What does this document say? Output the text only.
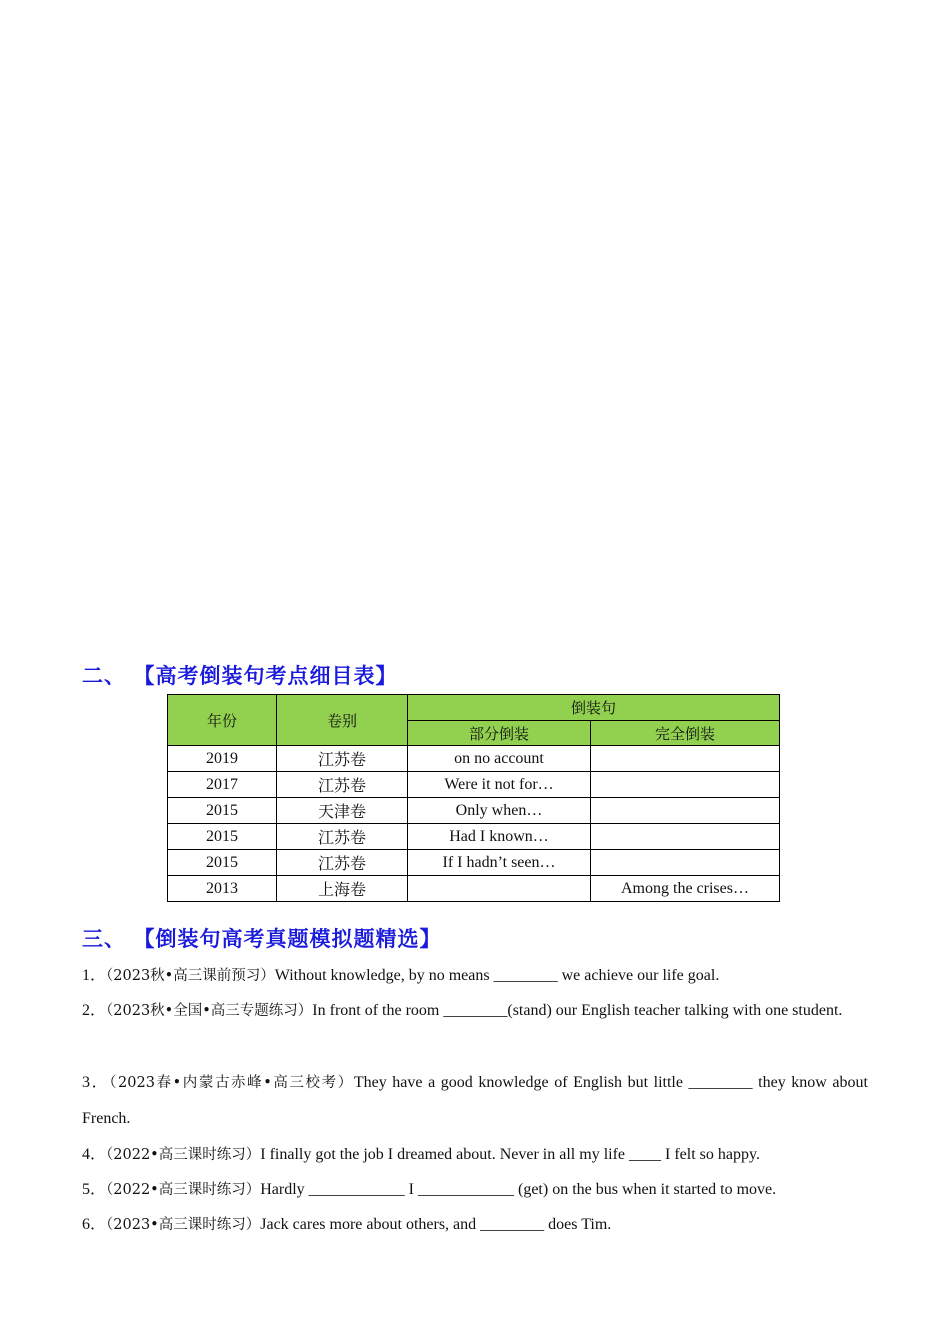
二、 【高考倒装句考点细目表】
年份	卷别	倒装句	
		部分倒装	完全倒装
2019	江苏卷	on no account	
2017	江苏卷	Were it not for…	
2015	天津卷	Only when…	
2015	江苏卷	Had I known…	
2015	江苏卷	If I hadn’t seen…	
2013	上海卷		Among the crises…
三、 【倒装句高考真题模拟题精选】
1．（2023秋•高三课前预习）Without knowledge, by no means ________ we achieve our life goal.
2．（2023秋•全国•高三专题练习）In front of the room ________(stand) our English teacher talking with one student.
3．（2023春•内蒙古赤峰•高三校考）They have a good knowledge of English but little ________ they know about French.
4．（2022•高三课时练习）I finally got the job I dreamed about. Never in all my life ____ I felt so happy.
5．（2022•高三课时练习）Hardly ____________ I ____________ (get) on the bus when it started to move.
6．（2023•高三课时练习）Jack cares more about others, and ________ does Tim.
